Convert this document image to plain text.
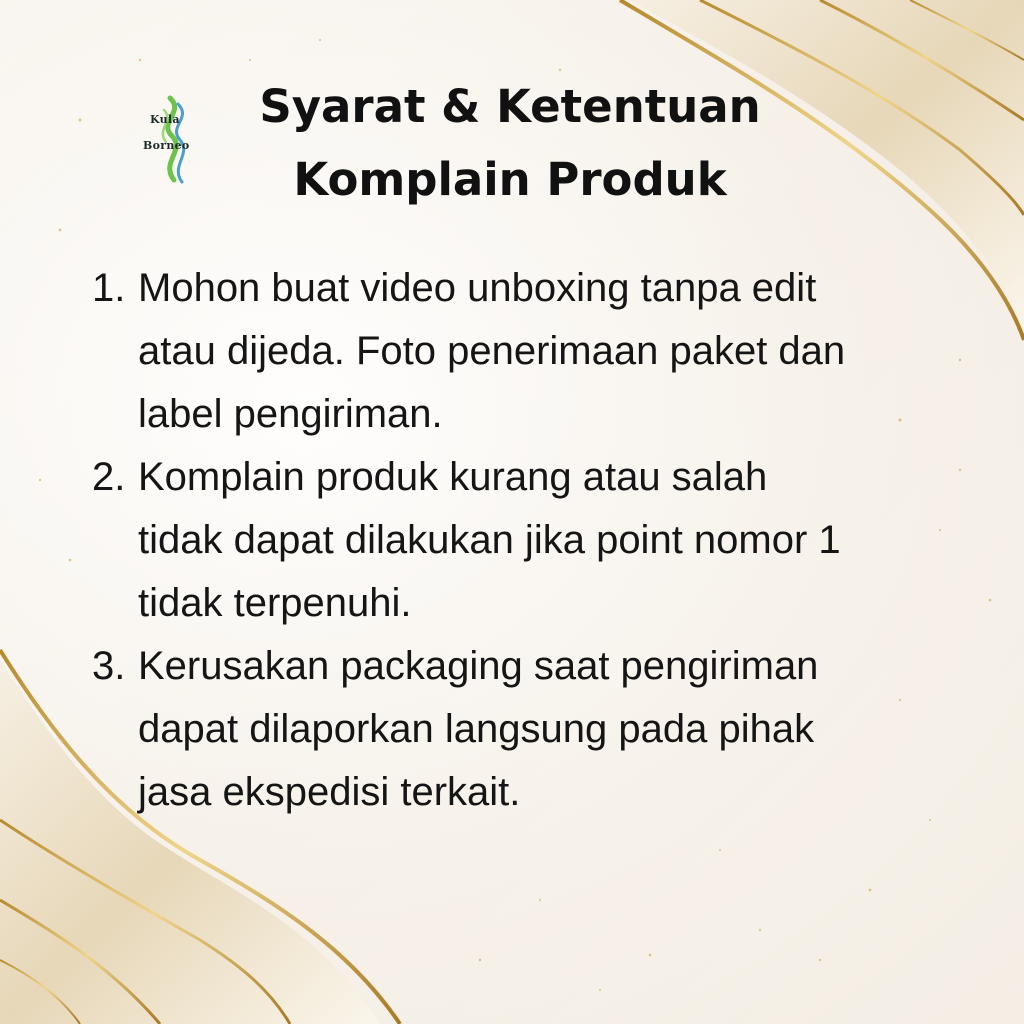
Kula
Borneo
Syarat & Ketentuan
Komplain Produk
1. Mohon buat video unboxing tanpa edit
atau dijeda. Foto penerimaan paket dan
label pengiriman.
2. Komplain produk kurang atau salah
tidak dapat dilakukan jika point nomor 1
tidak terpenuhi.
3. Kerusakan packaging saat pengiriman
dapat dilaporkan langsung pada pihak
jasa ekspedisi terkait.
